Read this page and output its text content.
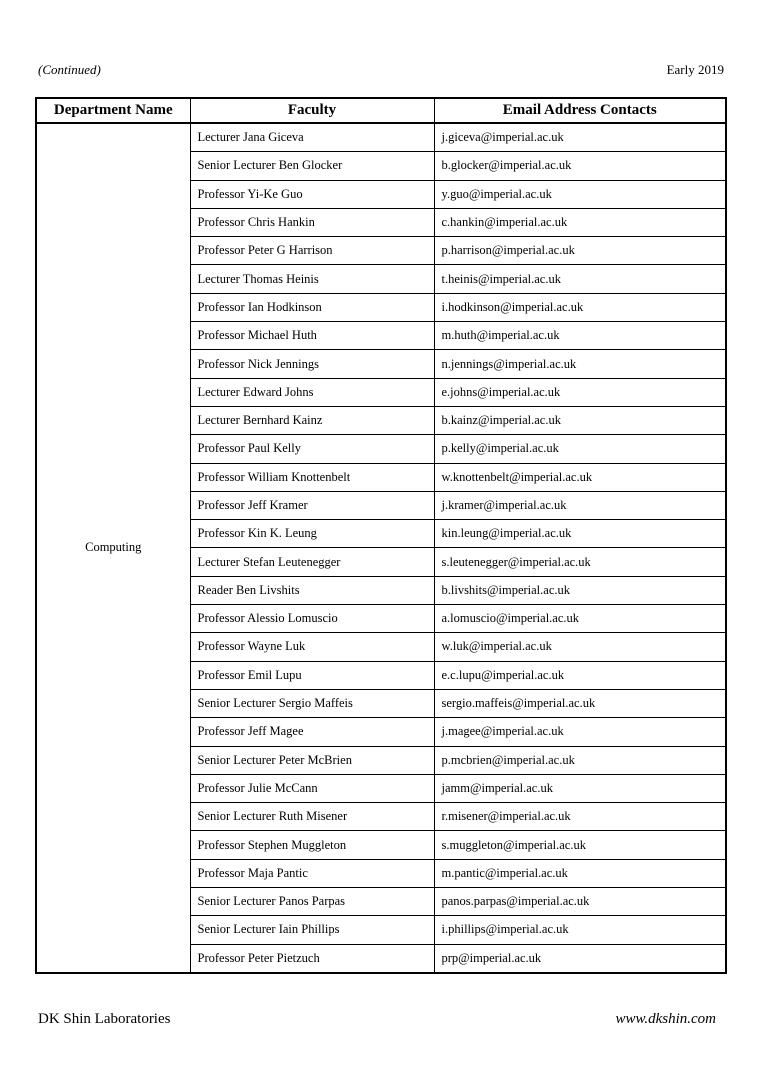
(Continued)	Early 2019
Department Name	Faculty	Email Address Contacts
Computing	Lecturer Jana Giceva	j.giceva@imperial.ac.uk
	Senior Lecturer Ben Glocker	b.glocker@imperial.ac.uk
	Professor Yi-Ke Guo	y.guo@imperial.ac.uk
	Professor Chris Hankin	c.hankin@imperial.ac.uk
	Professor Peter G Harrison	p.harrison@imperial.ac.uk
	Lecturer Thomas Heinis	t.heinis@imperial.ac.uk
	Professor Ian Hodkinson	i.hodkinson@imperial.ac.uk
	Professor Michael Huth	m.huth@imperial.ac.uk
	Professor Nick Jennings	n.jennings@imperial.ac.uk
	Lecturer Edward Johns	e.johns@imperial.ac.uk
	Lecturer Bernhard Kainz	b.kainz@imperial.ac.uk
	Professor Paul Kelly	p.kelly@imperial.ac.uk
	Professor William Knottenbelt	w.knottenbelt@imperial.ac.uk
	Professor Jeff Kramer	j.kramer@imperial.ac.uk
	Professor Kin K. Leung	kin.leung@imperial.ac.uk
	Lecturer Stefan Leutenegger	s.leutenegger@imperial.ac.uk
	Reader Ben Livshits	b.livshits@imperial.ac.uk
	Professor Alessio Lomuscio	a.lomuscio@imperial.ac.uk
	Professor Wayne Luk	w.luk@imperial.ac.uk
	Professor Emil Lupu	e.c.lupu@imperial.ac.uk
	Senior Lecturer Sergio Maffeis	sergio.maffeis@imperial.ac.uk
	Professor Jeff Magee	j.magee@imperial.ac.uk
	Senior Lecturer Peter McBrien	p.mcbrien@imperial.ac.uk
	Professor Julie McCann	jamm@imperial.ac.uk
	Senior Lecturer Ruth Misener	r.misener@imperial.ac.uk
	Professor Stephen Muggleton	s.muggleton@imperial.ac.uk
	Professor Maja Pantic	m.pantic@imperial.ac.uk
	Senior Lecturer Panos Parpas	panos.parpas@imperial.ac.uk
	Senior Lecturer Iain Phillips	i.phillips@imperial.ac.uk
	Professor Peter Pietzuch	prp@imperial.ac.uk
DK Shin Laboratories	www.dkshin.com
